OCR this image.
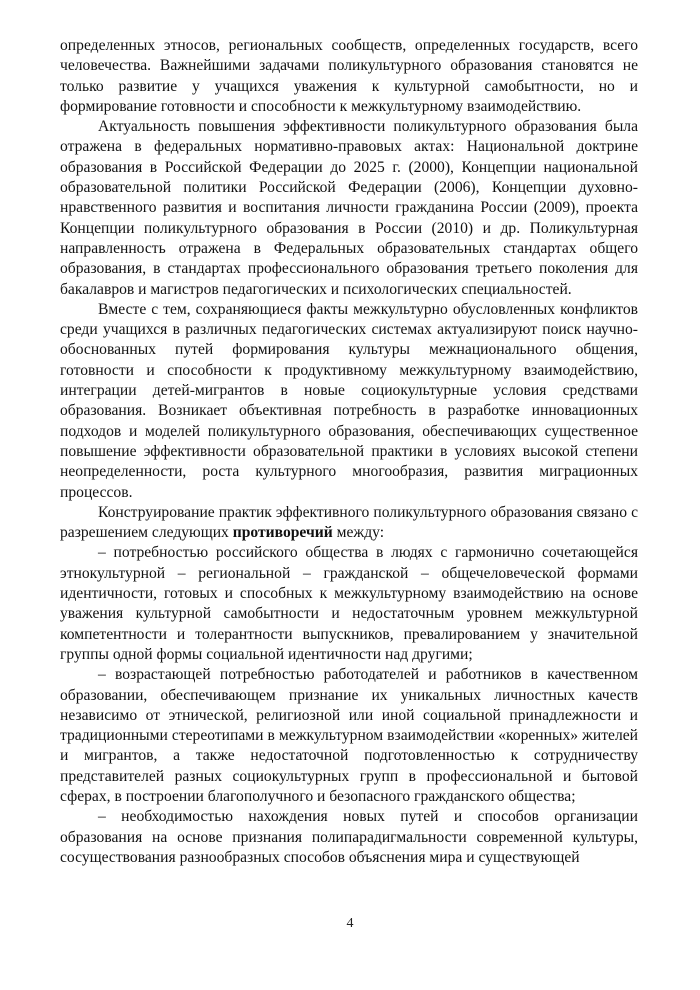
определенных этносов, региональных сообществ, определенных государств, всего человечества. Важнейшими задачами поликультурного образования становятся не только развитие у учащихся уважения к культурной самобытности, но и формирование готовности и способности к межкультурному взаимодействию.

Актуальность повышения эффективности поликультурного образования была отражена в федеральных нормативно-правовых актах: Национальной доктрине образования в Российской Федерации до 2025 г. (2000), Концепции национальной образовательной политики Российской Федерации (2006), Концепции духовно-нравственного развития и воспитания личности гражданина России (2009), проекта Концепции поликультурного образования в России (2010) и др. Поликультурная направленность отражена в Федеральных образовательных стандартах общего образования, в стандартах профессионального образования третьего поколения для бакалавров и магистров педагогических и психологических специальностей.

Вместе с тем, сохраняющиеся факты межкультурно обусловленных конфликтов среди учащихся в различных педагогических системах актуализируют поиск научно-обоснованных путей формирования культуры межнационального общения, готовности и способности к продуктивному межкультурному взаимодействию, интеграции детей-мигрантов в новые социокультурные условия средствами образования. Возникает объективная потребность в разработке инновационных подходов и моделей поликультурного образования, обеспечивающих существенное повышение эффективности образовательной практики в условиях высокой степени неопределенности, роста культурного многообразия, развития миграционных процессов.

Конструирование практик эффективного поликультурного образования связано с разрешением следующих противоречий между:

– потребностью российского общества в людях с гармонично сочетающейся этнокультурной – региональной – гражданской – общечеловеческой формами идентичности, готовых и способных к межкультурному взаимодействию на основе уважения культурной самобытности и недостаточным уровнем межкультурной компетентности и толерантности выпускников, превалированием у значительной группы одной формы социальной идентичности над другими;

– возрастающей потребностью работодателей и работников в качественном образовании, обеспечивающем признание их уникальных личностных качеств независимо от этнической, религиозной или иной социальной принадлежности и традиционными стереотипами в межкультурном взаимодействии «коренных» жителей и мигрантов, а также недостаточной подготовленностью к сотрудничеству представителей разных социокультурных групп в профессиональной и бытовой сферах, в построении благополучного и безопасного гражданского общества;

– необходимостью нахождения новых путей и способов организации образования на основе признания полипарадигмальности современной культуры, сосуществования разнообразных способов объяснения мира и существующей

4
